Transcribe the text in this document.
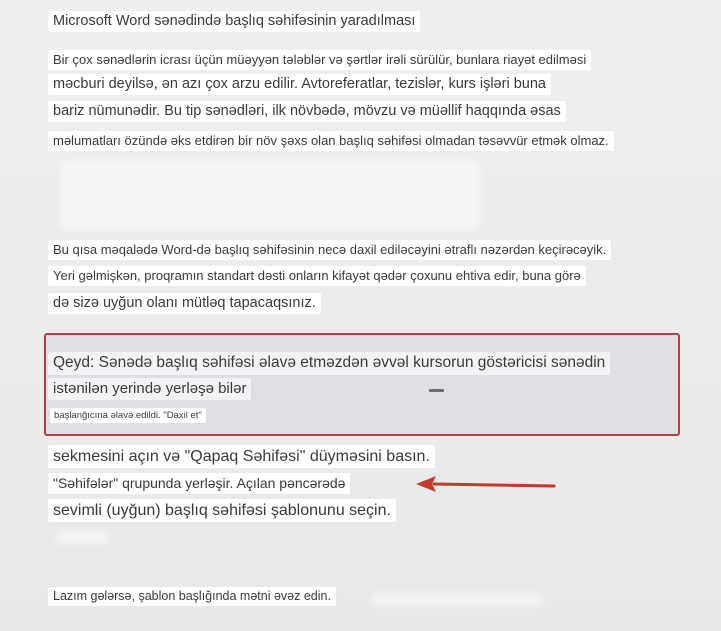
Microsoft Word sənədində başlıq səhifəsinin yaradılması
Bir çox sənədlərin icrası üçün müəyyən tələblər və şərtlər irəli sürülür, bunlara riayət edilməsi
məcburi deyilsə, ən azı çox arzu edilir. Avtoreferatlar, tezislər, kurs işləri buna
bariz nümunədir. Bu tip sənədləri, ilk növbədə, mövzu və müəllif haqqında əsas
məlumatları özündə əks etdirən bir növ şəxs olan başlıq səhifəsi olmadan təsəvvür etmək olmaz.
Bu qısa məqalədə Word-də başlıq səhifəsinin necə daxil ediləcəyini ətraflı nəzərdən keçirəcəyik.
Yeri gəlmişkən, proqramın standart dəsti onların kifayət qədər çoxunu ehtiva edir, buna görə
də sizə uyğun olanı mütləq tapacaqsınız.
Qeyd: Sənədə başlıq səhifəsi əlavə etməzdən əvvəl kursorun göstəricisi sənədin
istənilən yerində yerləşə bilər
başlanğıcına əlavə edildi. "Daxil et"
sekmesini açın və "Qapaq Səhifəsi" düyməsini basın.
"Səhifələr" qrupunda yerləşir. Açılan pəncərədə
sevimli (uyğun) başlıq səhifəsi şablonunu seçin.
Lazım gələrsə, şablon başlığında mətni əvəz edin.
